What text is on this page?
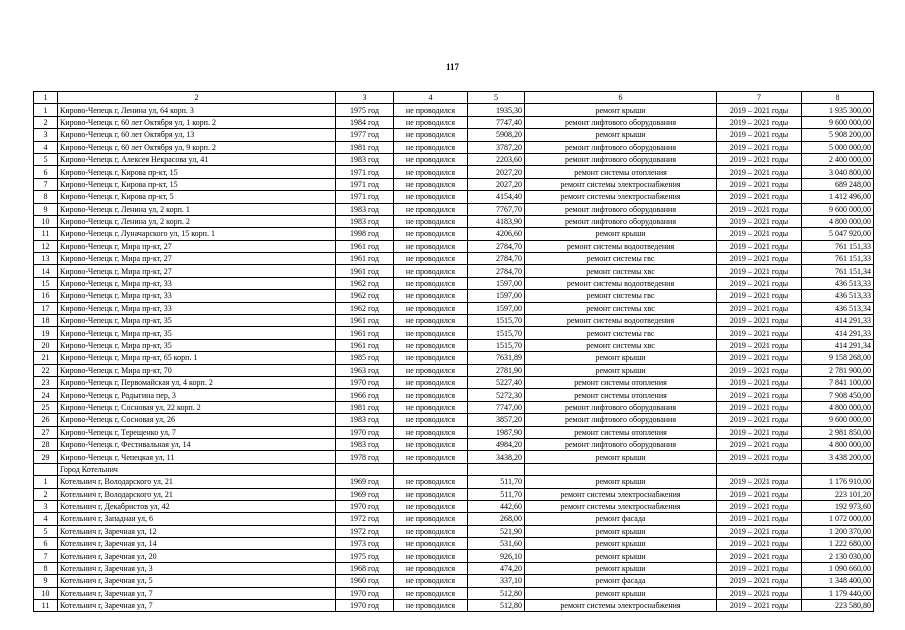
117
1	2	3	4	5	6	7	8
1	Кирово-Чепецк г, Ленина ул, 64 корп. 3	1975 год	не проводился	1935,30	ремонт крыши	2019 – 2021 годы	1 935 300,00
2	Кирово-Чепецк г, 60 лет Октября ул, 1 корп. 2	1984 год	не проводился	7747,40	ремонт лифтового оборудования	2019 – 2021 годы	9 600 000,00
3	Кирово-Чепецк г, 60 лет Октября ул, 13	1977 год	не проводился	5908,20	ремонт крыши	2019 – 2021 годы	5 908 200,00
4	Кирово-Чепецк г, 60 лет Октября ул, 9 корп. 2	1981 год	не проводился	3787,20	ремонт лифтового оборудования	2019 – 2021 годы	5 000 000,00
5	Кирово-Чепецк г, Алексея Некрасова ул, 41	1983 год	не проводился	2203,60	ремонт лифтового оборудования	2019 – 2021 годы	2 400 000,00
6	Кирово-Чепецк г, Кирова пр-кт, 15	1971 год	не проводился	2027,20	ремонт системы отопления	2019 – 2021 годы	3 040 800,00
7	Кирово-Чепецк г, Кирова пр-кт, 15	1971 год	не проводился	2027,20	ремонт системы электроснабжения	2019 – 2021 годы	689 248,00
8	Кирово-Чепецк г, Кирова пр-кт, 5	1971 год	не проводился	4154,40	ремонт системы электроснабжения	2019 – 2021 годы	1 412 496,00
9	Кирово-Чепецк г, Ленина ул, 2 корп. 1	1983 год	не проводился	7767,70	ремонт лифтового оборудования	2019 – 2021 годы	9 600 000,00
10	Кирово-Чепецк г, Ленина ул, 2 корп. 2	1983 год	не проводился	4183,90	ремонт лифтового оборудования	2019 – 2021 годы	4 800 000,00
11	Кирово-Чепецк г, Луначарского ул, 15 корп. 1	1998 год	не проводился	4206,60	ремонт крыши	2019 – 2021 годы	5 047 920,00
12	Кирово-Чепецк г, Мира пр-кт, 27	1961 год	не проводился	2784,70	ремонт системы водоотведения	2019 – 2021 годы	761 151,33
13	Кирово-Чепецк г, Мира пр-кт, 27	1961 год	не проводился	2784,70	ремонт системы гвс	2019 – 2021 годы	761 151,33
14	Кирово-Чепецк г, Мира пр-кт, 27	1961 год	не проводился	2784,70	ремонт системы хвс	2019 – 2021 годы	761 151,34
15	Кирово-Чепецк г, Мира пр-кт, 33	1962 год	не проводился	1597,00	ремонт системы водоотведения	2019 – 2021 годы	436 513,33
16	Кирово-Чепецк г, Мира пр-кт, 33	1962 год	не проводился	1597,00	ремонт системы гвс	2019 – 2021 годы	436 513,33
17	Кирово-Чепецк г, Мира пр-кт, 33	1962 год	не проводился	1597,00	ремонт системы хвс	2019 – 2021 годы	436 513,34
18	Кирово-Чепецк г, Мира пр-кт, 35	1961 год	не проводился	1515,70	ремонт системы водоотведения	2019 – 2021 годы	414 291,33
19	Кирово-Чепецк г, Мира пр-кт, 35	1961 год	не проводился	1515,70	ремонт системы гвс	2019 – 2021 годы	414 291,33
20	Кирово-Чепецк г, Мира пр-кт, 35	1961 год	не проводился	1515,70	ремонт системы хвс	2019 – 2021 годы	414 291,34
21	Кирово-Чепецк г, Мира пр-кт, 65 корп. 1	1985 год	не проводился	7631,89	ремонт крыши	2019 – 2021 годы	9 158 268,00
22	Кирово-Чепецк г, Мира пр-кт, 70	1963 год	не проводился	2781,90	ремонт крыши	2019 – 2021 годы	2 781 900,00
23	Кирово-Чепецк г, Первомайская ул, 4 корп. 2	1970 год	не проводился	5227,40	ремонт системы отопления	2019 – 2021 годы	7 841 100,00
24	Кирово-Чепецк г, Родыгина пер, 3	1966 год	не проводился	5272,30	ремонт системы отопления	2019 – 2021 годы	7 908 450,00
25	Кирово-Чепецк г, Сосновая ул, 22 корп. 2	1981 год	не проводился	7747,00	ремонт лифтового оборудования	2019 – 2021 годы	4 800 000,00
26	Кирово-Чепецк г, Сосновая ул, 26	1983 год	не проводился	3857,20	ремонт лифтового оборудования	2019 – 2021 годы	9 600 000,00
27	Кирово-Чепецк г, Терещенко ул, 7	1970 год	не проводился	1987,90	ремонт системы отопления	2019 – 2021 годы	2 981 850,00
28	Кирово-Чепецк г, Фестивальная ул, 14	1983 год	не проводился	4984,20	ремонт лифтового оборудования	2019 – 2021 годы	4 800 000,00
29	Кирово-Чепецк г, Чепецкая ул, 11	1978 год	не проводился	3438,20	ремонт крыши	2019 – 2021 годы	3 438 200,00
	Город Котельнич						
1	Котельнич г, Володарского ул, 21	1969 год	не проводился	511,70	ремонт крыши	2019 – 2021 годы	1 176 910,00
2	Котельнич г, Володарского ул, 21	1969 год	не проводился	511,70	ремонт системы электроснабжения	2019 – 2021 годы	223 101,20
3	Котельнич г, Декабристов ул, 42	1970 год	не проводился	442,60	ремонт системы электроснабжения	2019 – 2021 годы	192 973,60
4	Котельнич г, Западная ул, 6	1972 год	не проводился	268,00	ремонт фасада	2019 – 2021 годы	1 072 000,00
5	Котельнич г, Заречная ул, 12	1972 год	не проводился	521,90	ремонт крыши	2019 – 2021 годы	1 200 370,00
6	Котельнич г, Заречная ул, 14	1973 год	не проводился	531,60	ремонт крыши	2019 – 2021 годы	1 222 680,00
7	Котельнич г, Заречная ул, 20	1975 год	не проводился	926,10	ремонт крыши	2019 – 2021 годы	2 130 030,00
8	Котельнич г, Заречная ул, 3	1968 год	не проводился	474,20	ремонт крыши	2019 – 2021 годы	1 090 660,00
9	Котельнич г, Заречная ул, 5	1960 год	не проводился	337,10	ремонт фасада	2019 – 2021 годы	1 348 400,00
10	Котельнич г, Заречная ул, 7	1970 год	не проводился	512,80	ремонт крыши	2019 – 2021 годы	1 179 440,00
11	Котельнич г, Заречная ул, 7	1970 год	не проводился	512,80	ремонт системы электроснабжения	2019 – 2021 годы	223 580,80
